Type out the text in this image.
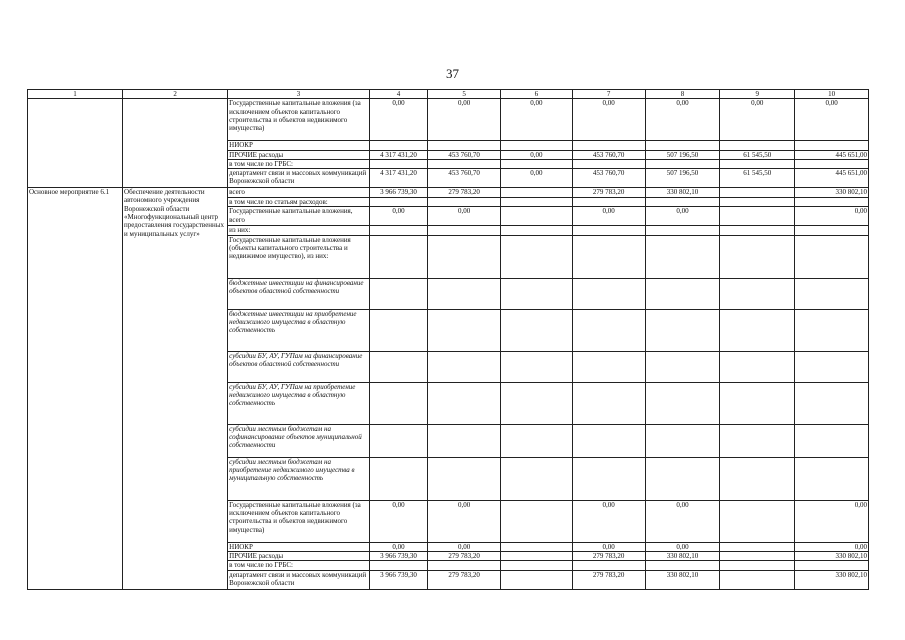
37
1	2	3	4	5	6	7	8	9	10
		Государственные капитальные вложения (за исключением объектов капитального строительства и объектов недвижимого имущества)	0,00	0,00	0,00	0,00	0,00	0,00	0,00
		НИОКР							
		ПРОЧИЕ расходы	4 317 431,20	453 760,70	0,00	453 760,70	507 196,50	61 545,50	445 651,00
		в том числе по ГРБС:							
		департамент связи и массовых коммуникаций Воронежской области	4 317 431,20	453 760,70	0,00	453 760,70	507 196,50	61 545,50	445 651,00
Основное мероприятие 6.1	Обеспечение деятельности автономного учреждения Воронежской области «Многофункциональный центр предоставления государственных и муниципальных услуг»	всего	3 966 739,30	279 783,20		279 783,20	330 802,10		330 802,10
		в том числе по статьям расходов:							
		Государственные капитальные вложения, всего	0,00	0,00		0,00	0,00		0,00
		из них:							
		Государственные капитальные вложения (объекты капитального строительства и недвижимое имущество), из них:							
		бюджетные инвестиции на финансирование объектов областной собственности							
		бюджетные инвестиции на приобретение недвижимого имущества в областную собственность							
		субсидии БУ, АУ, ГУПам на финансирование объектов областной собственности							
		субсидии БУ, АУ, ГУПам на приобретение недвижимого имущества в областную собственность							
		субсидии местным бюджетам на софинансирование объектов муниципальной собственности							
		субсидии местным бюджетам на приобретение недвижимого имущества в муниципальную собственность							
		Государственные капитальные вложения (за исключением объектов капитального строительства и объектов недвижимого имущества)	0,00	0,00		0,00	0,00		0,00
		НИОКР	0,00	0,00		0,00	0,00		0,00
		ПРОЧИЕ расходы	3 966 739,30	279 783,20		279 783,20	330 802,10		330 802,10
		в том числе по ГРБС:							
		департамент связи и массовых коммуникаций Воронежской области	3 966 739,30	279 783,20		279 783,20	330 802,10		330 802,10
